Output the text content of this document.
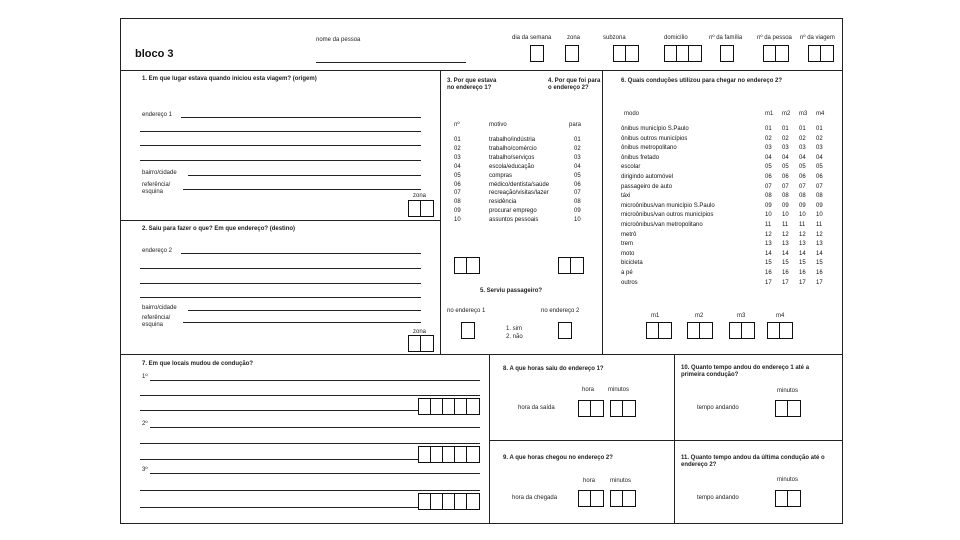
bloco 3
nome da pessoa	dia da semana	zona	subzona	domicílio	nº da família nº da pessoa nº da viagem
1. Em que lugar estava quando iniciou esta viagem? (origem)
endereço 1
bairro/cidade
referência/ esquina
zona
2. Saiu para fazer o que? Em que endereço? (destino)
endereço 2
bairro/cidade
referência/ esquina
zona
3. Por que estava no endereço 1?
4. Por que foi para o endereço 2?
nº	motivo	para
01	trabalho/indústria	01
02	trabalho/comércio	02
03	trabalho/serviços	03
04	escola/educação	04
05	compras	05
06	médico/dentista/saúde	06
07	recreação/visitas/lazer	07
08	residência	08
09	procurar emprego	09
10	assuntos pessoais	10
5. Serviu passageiro?
no endereço 1	no endereço 2
1. sim
2. não
6. Quais conduções utilizou para chegar no endereço 2?
modo	m1 m2 m3 m4
ônibus município S.Paulo	01 01 01 01
ônibus outros municípios	02 02 02 02
ônibus metropolitano	03 03 03 03
ônibus fretado	04 04 04 04
escolar	05 05 05 05
dirigindo automóvel	06 06 06 06
passageiro de auto	07 07 07 07
táxi	08 08 08 08
microônibus/van município S.Paulo	09 09 09 09
microônibus/van outros municípios	10 10 10 10
microônibus/van metropolitano	11 11 11 11
metrô	12 12 12 12
trem	13 13 13 13
moto	14 14 14 14
bicicleta	15 15 15 15
a pé	16 16 16 16
outros	17 17 17 17
m1	m2	m3	m4
7. Em que locais mudou de condução?
1º
2º
3º
8. A que horas saiu do endereço 1?
hora minutos
hora da saída
9. A que horas chegou no endereço 2?
hora minutos
hora da chegada
10. Quanto tempo andou do endereço 1 até a primeira condução?
minutos
tempo andando
11. Quanto tempo andou da última condução até o endereço 2?
minutos
tempo andando
